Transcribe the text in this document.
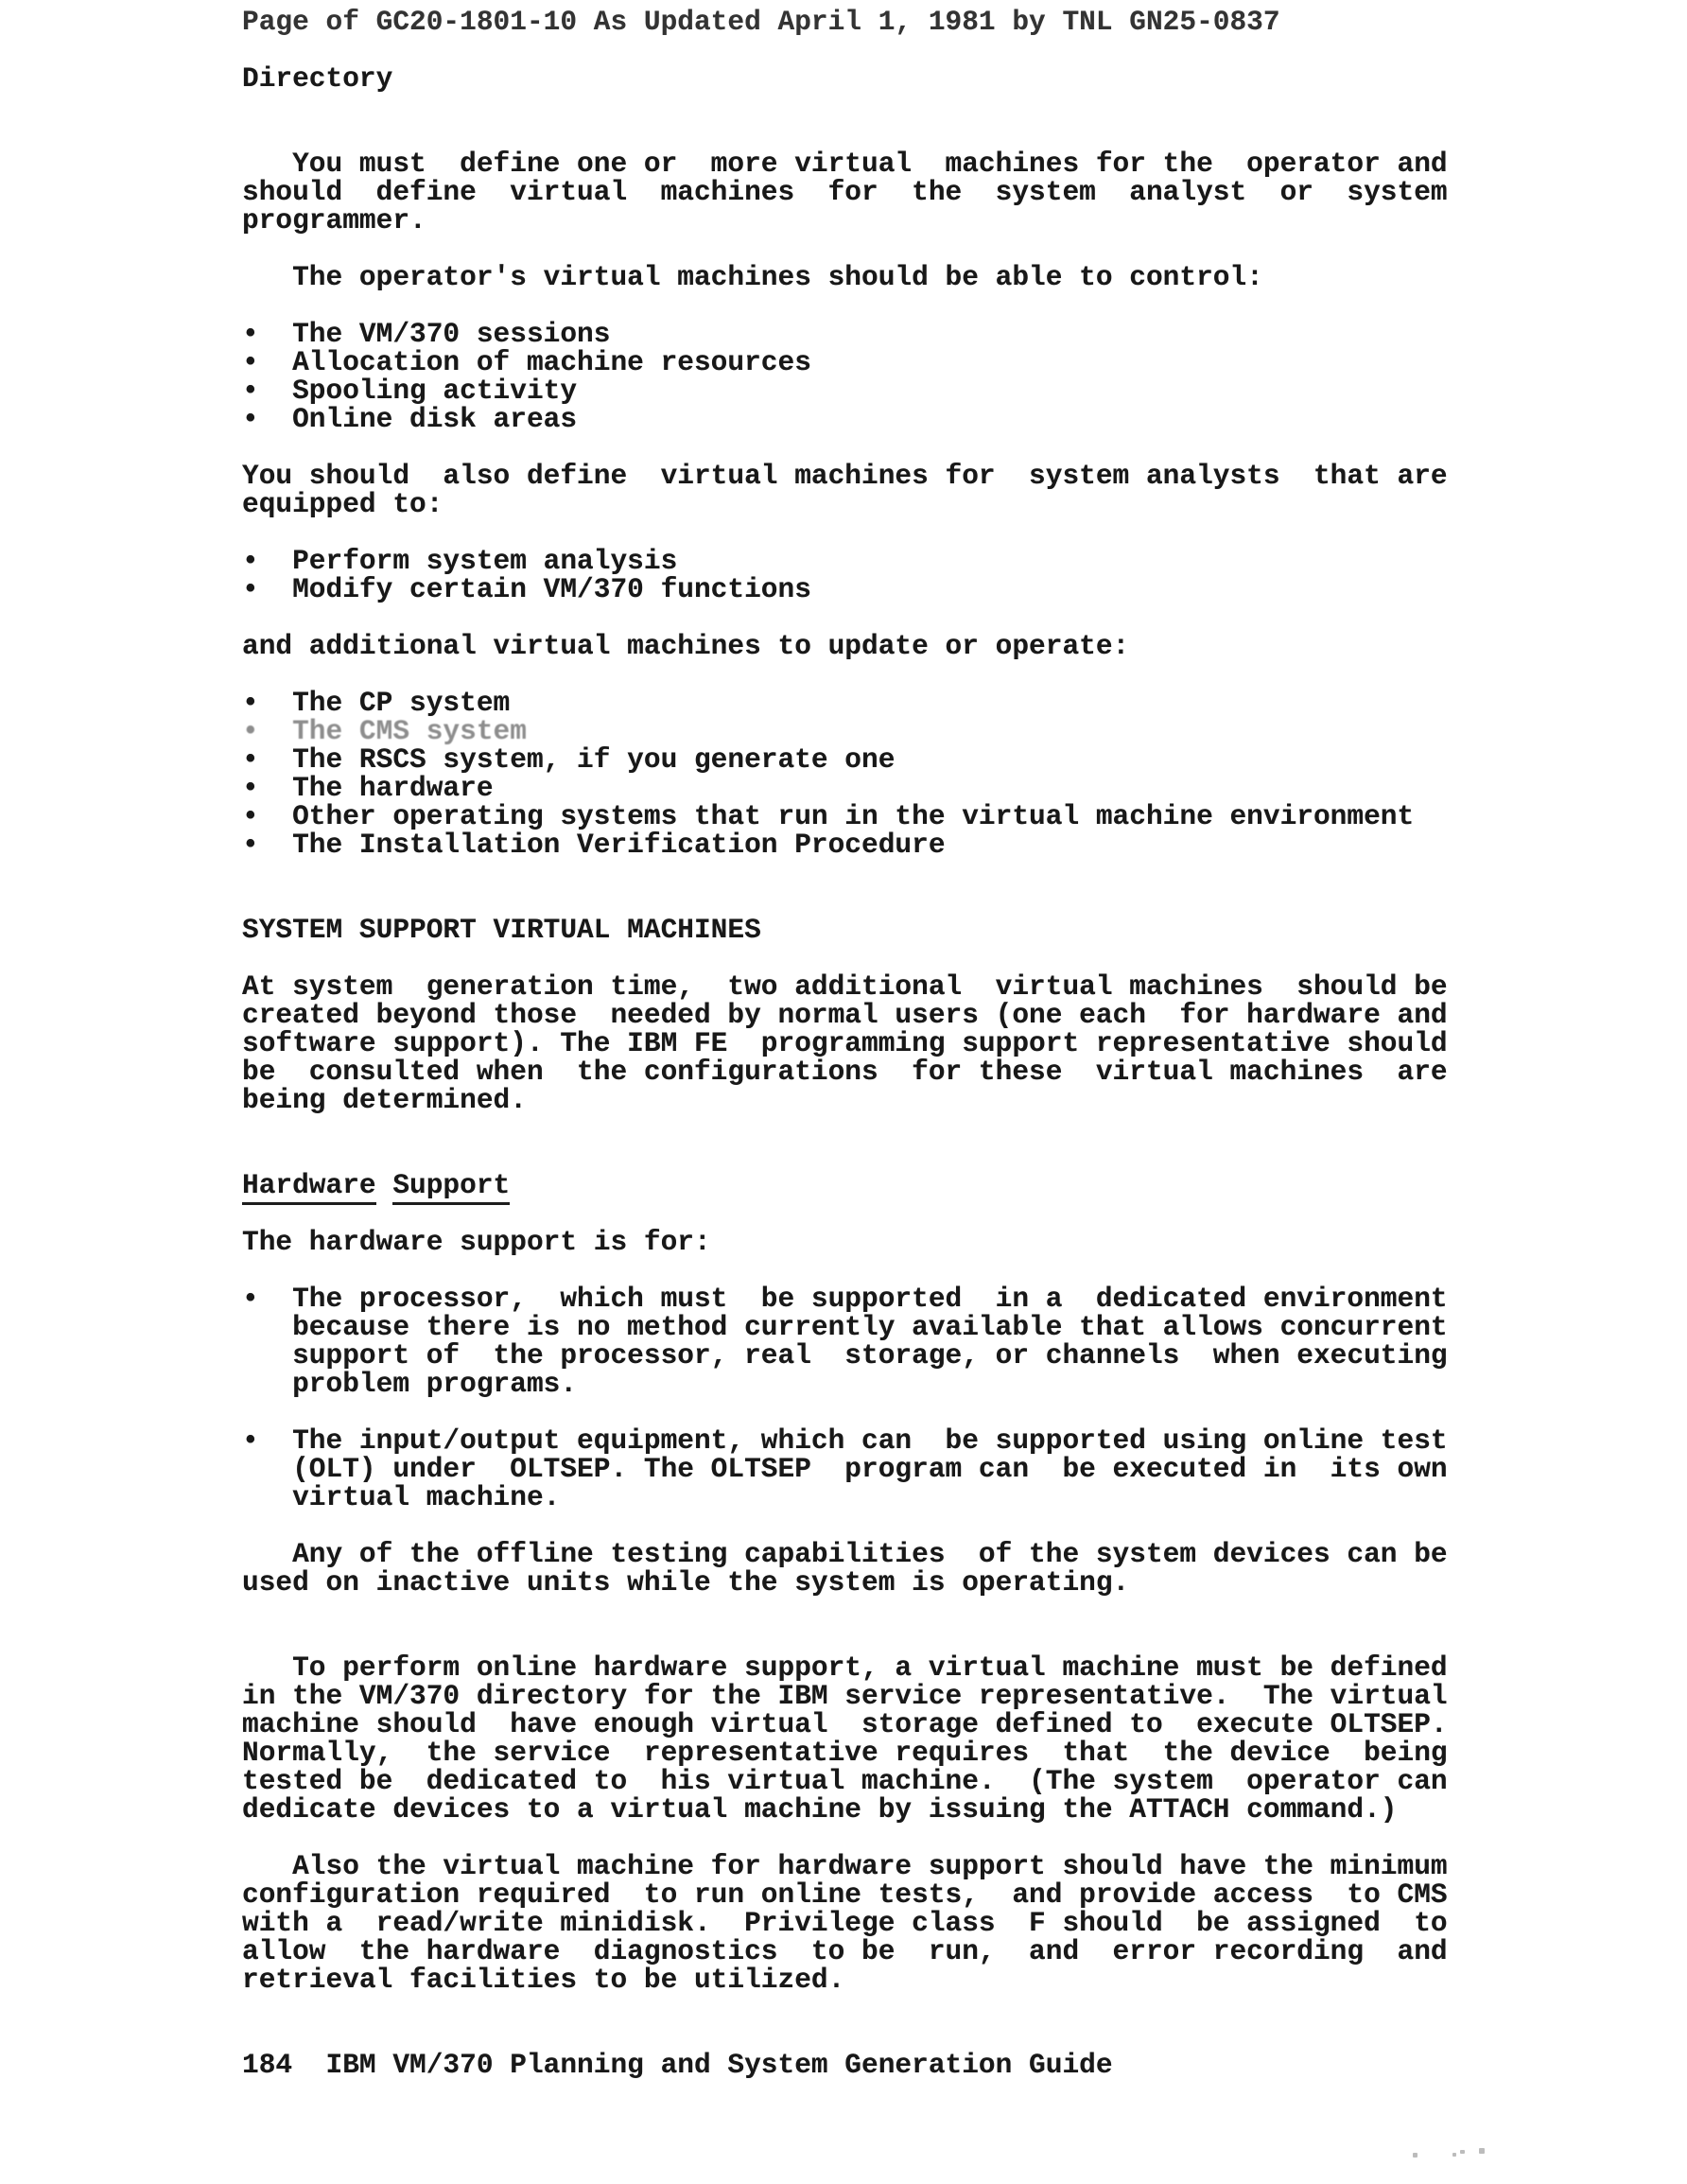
Page of GC20-1801-10 As Updated April 1, 1981 by TNL GN25-0837
Directory
You must  define one or  more virtual  machines for the  operator and
should  define  virtual  machines  for  the  system  analyst  or  system
programmer.
The operator's virtual machines should be able to control:
•  The VM/370 sessions
•  Allocation of machine resources
•  Spooling activity
•  Online disk areas
You should  also define  virtual machines for  system analysts  that are
equipped to:
•  Perform system analysis
•  Modify certain VM/370 functions
and additional virtual machines to update or operate:
•  The CP system
•  The CMS system
•  The RSCS system, if you generate one
•  The hardware
•  Other operating systems that run in the virtual machine environment
•  The Installation Verification Procedure
SYSTEM SUPPORT VIRTUAL MACHINES
At system  generation time,  two additional  virtual machines  should be
created beyond those  needed by normal users (one each  for hardware and
software support). The IBM FE  programming support representative should
be  consulted when  the configurations  for these  virtual machines  are
being determined.
Hardware Support
The hardware support is for:
•  The processor,  which must  be supported  in a  dedicated environment
because there is no method currently available that allows concurrent
support of  the processor, real  storage, or channels  when executing
problem programs.
•  The input/output equipment, which can  be supported using online test
(OLT) under  OLTSEP. The OLTSEP  program can  be executed in  its own
virtual machine.
Any of the offline testing capabilities  of the system devices can be
used on inactive units while the system is operating.
To perform online hardware support, a virtual machine must be defined
in the VM/370 directory for the IBM service representative.  The virtual
machine should  have enough virtual  storage defined to  execute OLTSEP.
Normally,  the service  representative requires  that  the device  being
tested be  dedicated to  his virtual machine.  (The system  operator can
dedicate devices to a virtual machine by issuing the ATTACH command.)
Also the virtual machine for hardware support should have the minimum
configuration required  to run online tests,  and provide access  to CMS
with a  read/write minidisk.  Privilege class  F should  be assigned  to
allow  the hardware  diagnostics  to be  run,  and  error recording  and
retrieval facilities to be utilized.
184  IBM VM/370 Planning and System Generation Guide
